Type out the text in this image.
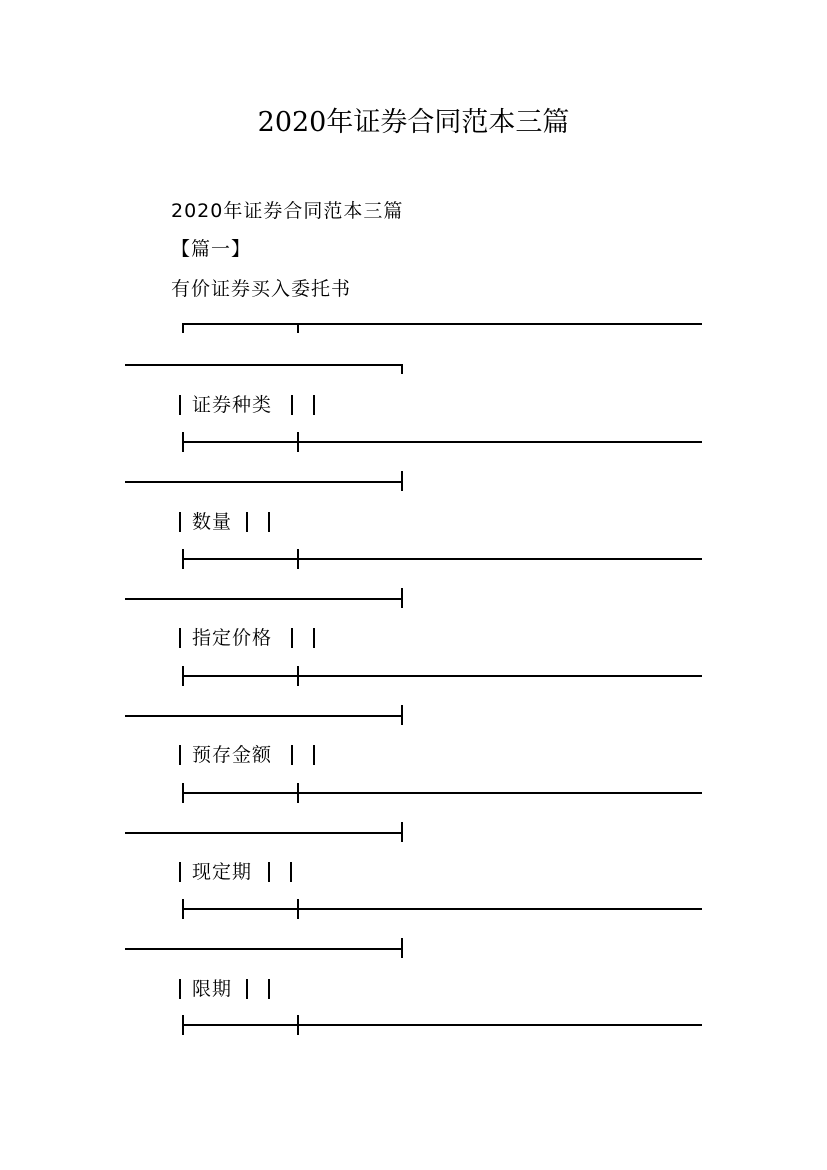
2020年证券合同范本三篇
2020年证券合同范本三篇
【篇一】
有价证券买入委托书
证券种类
数量
指定价格
预存金额
现定期
限期
